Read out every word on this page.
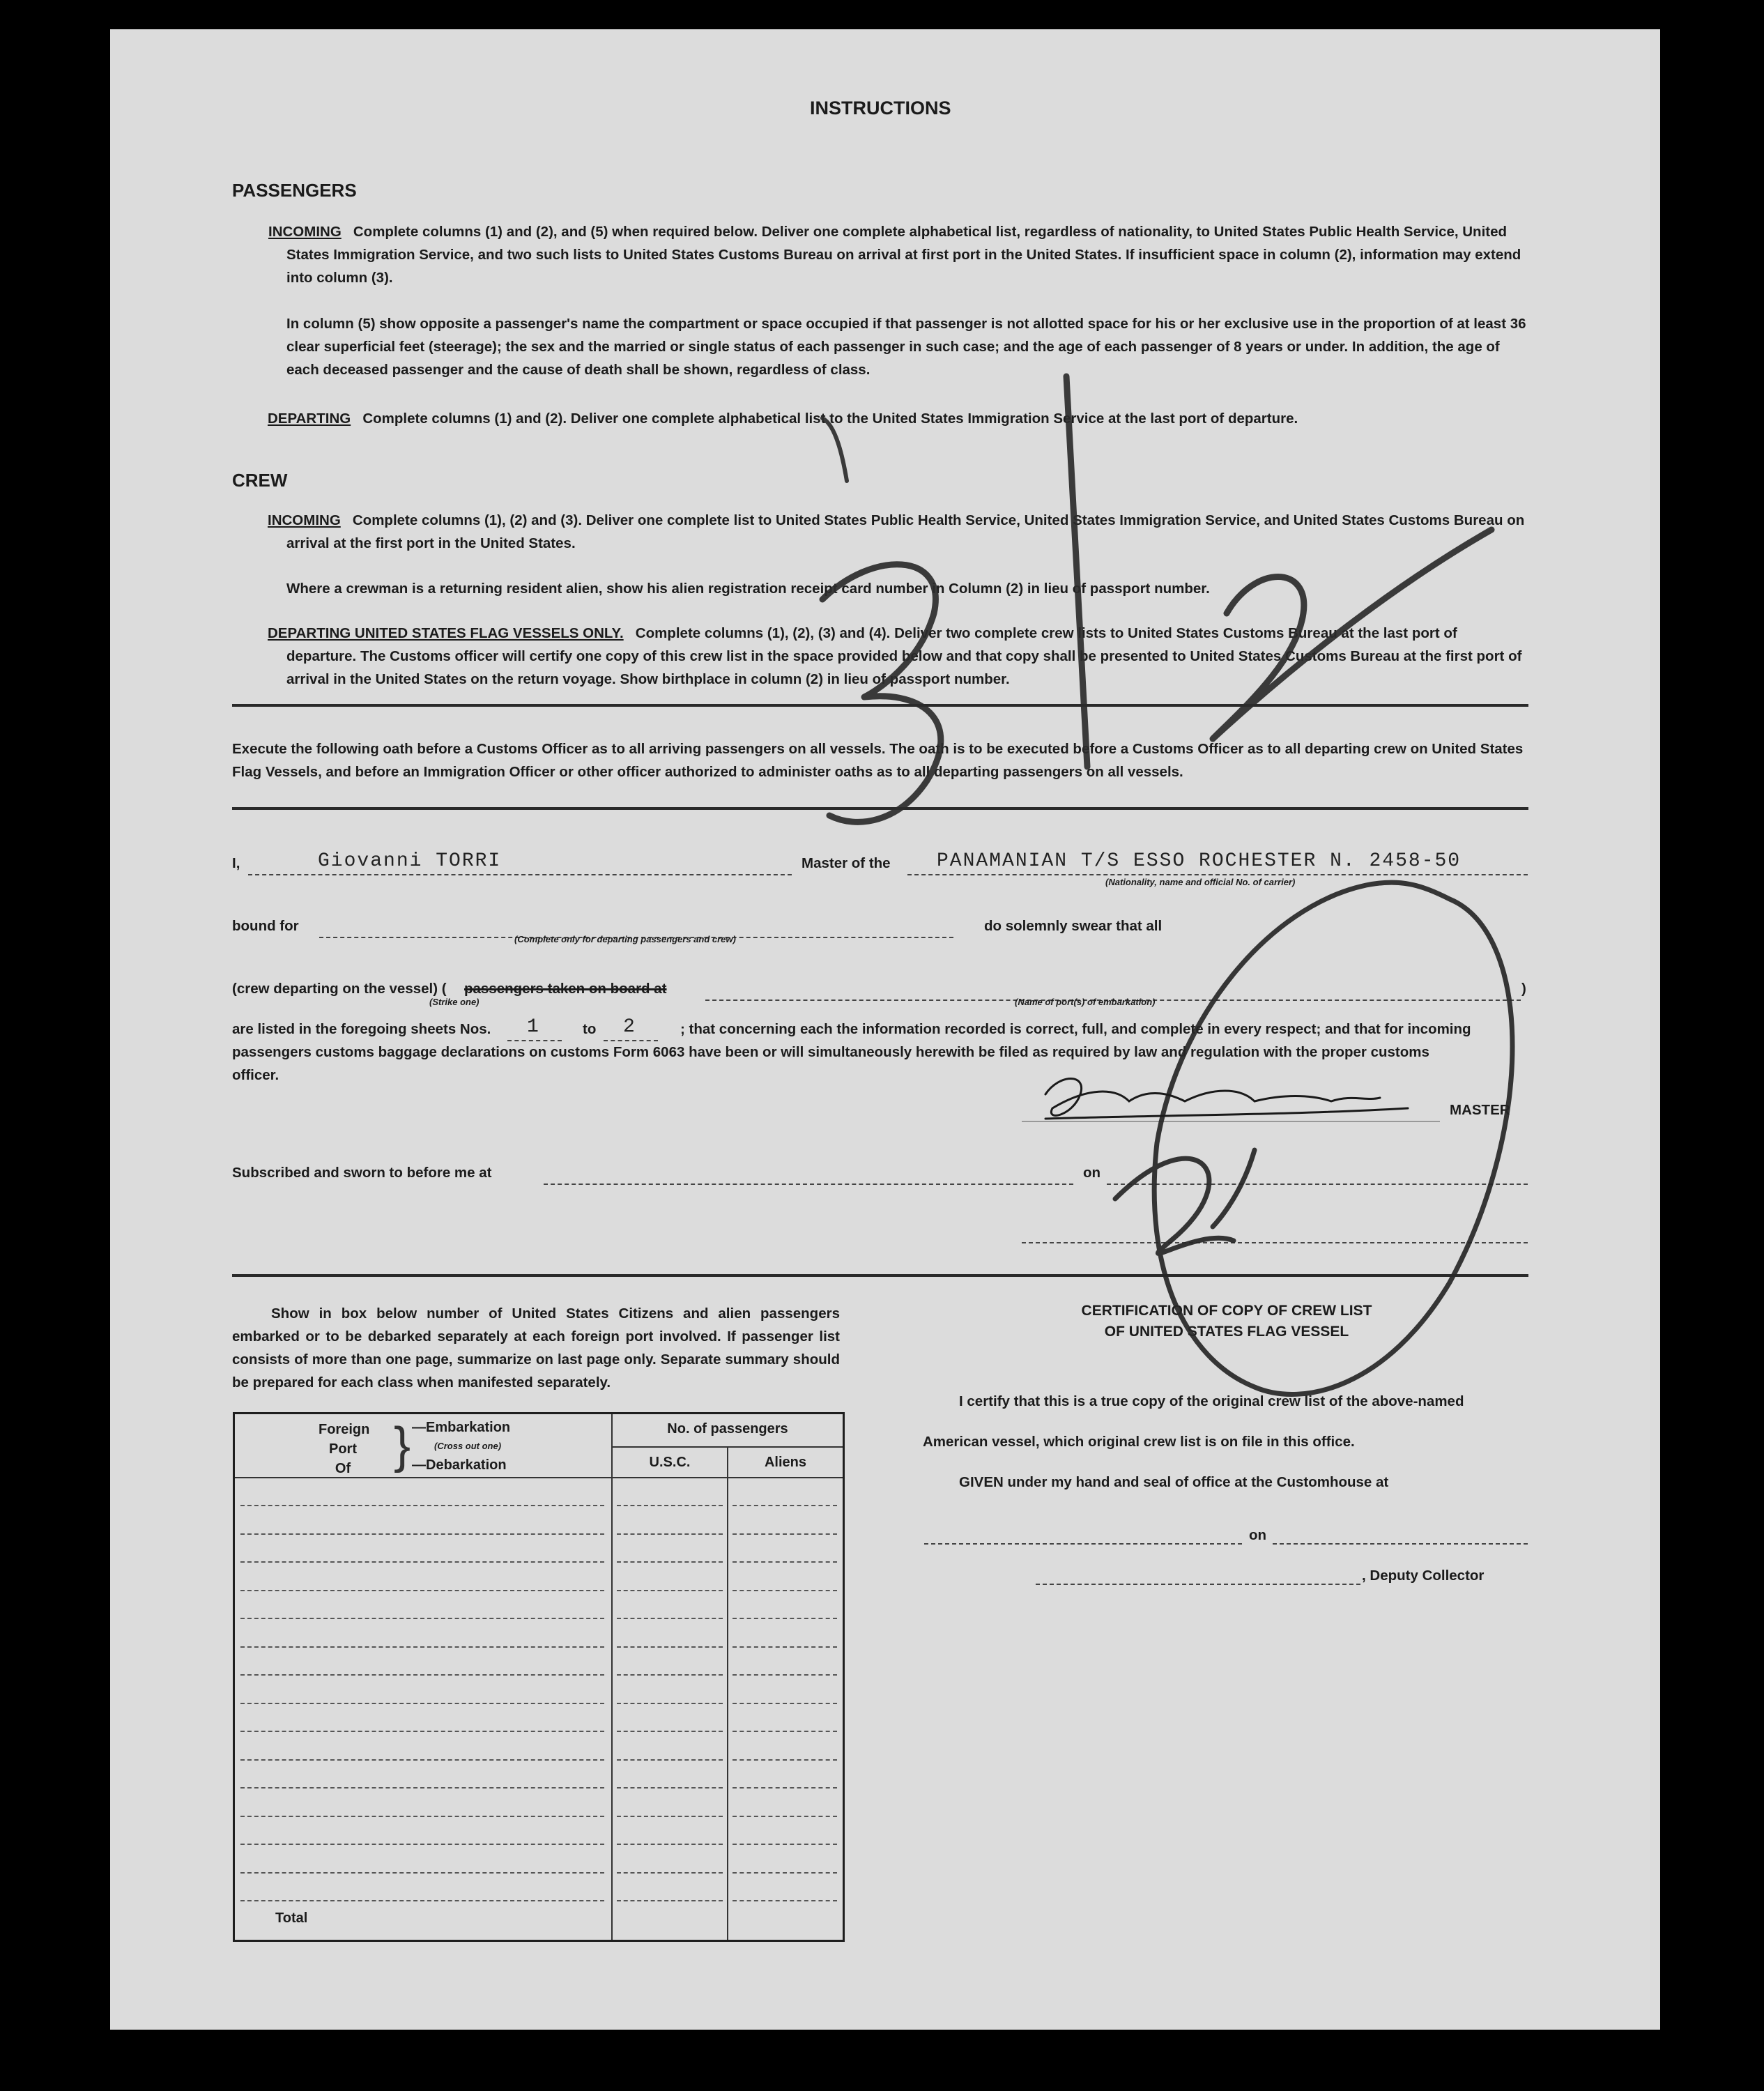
INSTRUCTIONS
PASSENGERS
INCOMING Complete columns (1) and (2), and (5) when required below. Deliver one complete alphabetical list, regardless of nationality, to United States Public Health Service, United States Immigration Service, and two such lists to United States Customs Bureau on arrival at first port in the United States. If insufficient space in column (2), information may extend into column (3).
In column (5) show opposite a passenger's name the compartment or space occupied if that passenger is not allotted space for his or her exclusive use in the proportion of at least 36 clear superficial feet (steerage); the sex and the married or single status of each passenger in such case; and the age of each passenger of 8 years or under. In addition, the age of each deceased passenger and the cause of death shall be shown, regardless of class.
DEPARTING Complete columns (1) and (2). Deliver one complete alphabetical list to the United States Immigration Service at the last port of departure.
CREW
INCOMING Complete columns (1), (2) and (3). Deliver one complete list to United States Public Health Service, United States Immigration Service, and United States Customs Bureau on arrival at the first port in the United States.
Where a crewman is a returning resident alien, show his alien registration receipt card number in Column (2) in lieu of passport number.
DEPARTING UNITED STATES FLAG VESSELS ONLY. Complete columns (1), (2), (3) and (4). Deliver two complete crew lists to United States Customs Bureau at the last port of departure. The Customs officer will certify one copy of this crew list in the space provided below and that copy shall be presented to United States Customs Bureau at the first port of arrival in the United States on the return voyage. Show birthplace in column (2) in lieu of passport number.
Execute the following oath before a Customs Officer as to all arriving passengers on all vessels. The oath is to be executed before a Customs Officer as to all departing crew on United States Flag Vessels, and before an Immigration Officer or other officer authorized to administer oaths as to all departing passengers on all vessels.
I,	Giovanni TORRI	Master of the PANAMANIAN T/S ESSO ROCHESTER N. 2458-50
(Nationality, name and official No. of carrier)
bound for
(Complete only for departing passengers and crew)
do solemnly swear that all
(crew departing on the vessel) ( passengers taken on board at
(Strike one)	(Name of port(s) of embarkation)
)
are listed in the foregoing sheets Nos. 1	to 2	; that concerning each the information recorded is correct, full, and complete in every respect; and that for incoming
passengers customs baggage declarations on customs Form 6063 have been or will simultaneously herewith be filed as required by law and regulation with the proper customs
officer.
MASTER
Subscribed and sworn to before me at	on
Show in box below number of United States Citizens and alien passengers embarked or to be debarked separately at each foreign port involved. If passenger list consists of more than one page, summarize on last page only. Separate summary should be prepared for each class when manifested separately.
Foreign
Port
Of } —Embarkation
(Cross out one)
—Debarkation
No. of passengers
U.S.C.	Aliens
Total
CERTIFICATION OF COPY OF CREW LIST
OF UNITED STATES FLAG VESSEL
I certify that this is a true copy of the original crew list of the above-named
American vessel, which original crew list is on file in this office.
GIVEN under my hand and seal of office at the Customhouse at
on
, Deputy Collector
